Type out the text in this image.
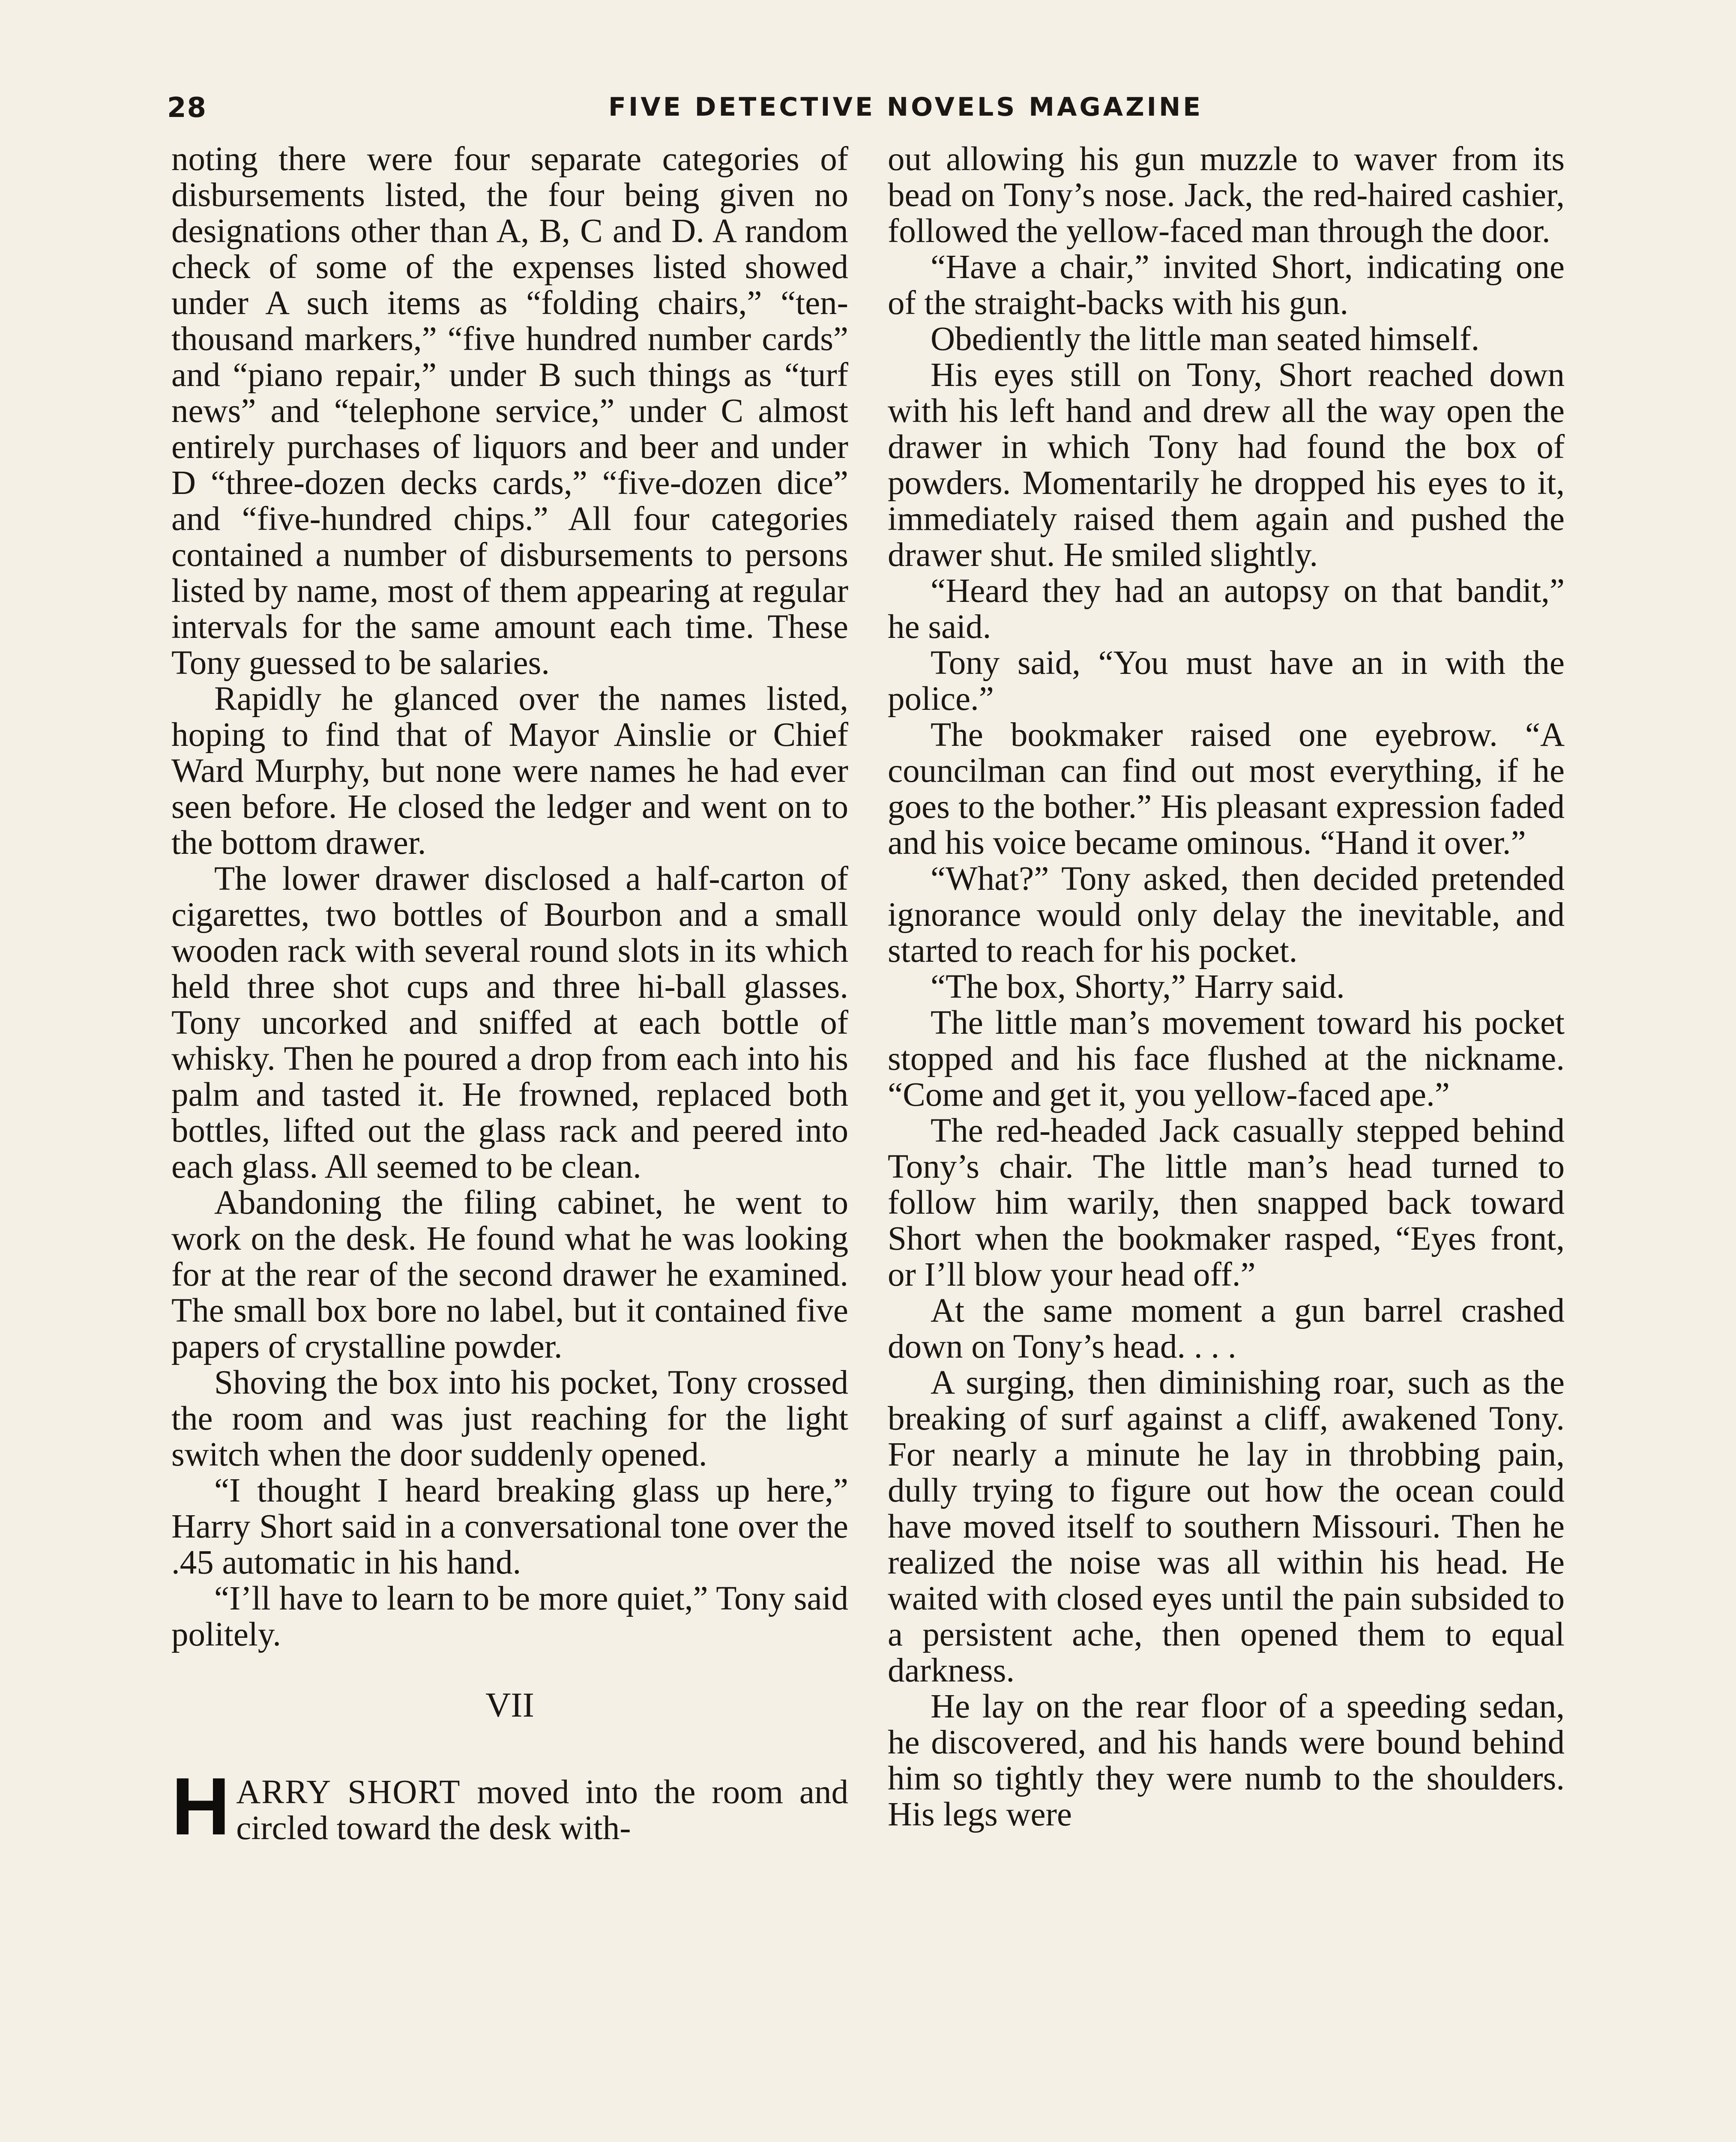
28	FIVE DETECTIVE NOVELS MAGAZINE

noting there were four separate categories of disbursements listed, the four being given no designations other than A, B, C and D. A random check of some of the expenses listed showed under A such items as “folding chairs,” “ten-thousand markers,” “five hundred number cards” and “piano repair,” under B such things as “turf news” and “telephone service,” under C almost entirely purchases of liquors and beer and under D “three-dozen decks cards,” “five-dozen dice” and “five-hundred chips.” All four categories contained a number of disbursements to persons listed by name, most of them appearing at regular intervals for the same amount each time. These Tony guessed to be salaries.

Rapidly he glanced over the names listed, hoping to find that of Mayor Ainslie or Chief Ward Murphy, but none were names he had ever seen before. He closed the ledger and went on to the bottom drawer.

The lower drawer disclosed a half-carton of cigarettes, two bottles of Bourbon and a small wooden rack with several round slots in its which held three shot cups and three hi-ball glasses. Tony uncorked and sniffed at each bottle of whisky. Then he poured a drop from each into his palm and tasted it. He frowned, replaced both bottles, lifted out the glass rack and peered into each glass. All seemed to be clean.

Abandoning the filing cabinet, he went to work on the desk. He found what he was looking for at the rear of the second drawer he examined. The small box bore no label, but it contained five papers of crystalline powder.

Shoving the box into his pocket, Tony crossed the room and was just reaching for the light switch when the door suddenly opened.

“I thought I heard breaking glass up here,” Harry Short said in a conversational tone over the .45 automatic in his hand.

“I’ll have to learn to be more quiet,” Tony said politely.

VII

HARRY SHORT moved into the room and circled toward the desk with-

out allowing his gun muzzle to waver from its bead on Tony’s nose. Jack, the red-haired cashier, followed the yellow-faced man through the door.

“Have a chair,” invited Short, indicating one of the straight-backs with his gun.

Obediently the little man seated himself.

His eyes still on Tony, Short reached down with his left hand and drew all the way open the drawer in which Tony had found the box of powders. Momentarily he dropped his eyes to it, immediately raised them again and pushed the drawer shut. He smiled slightly.

“Heard they had an autopsy on that bandit,” he said.

Tony said, “You must have an in with the police.”

The bookmaker raised one eyebrow. “A councilman can find out most everything, if he goes to the bother.” His pleasant expression faded and his voice became ominous. “Hand it over.”

“What?” Tony asked, then decided pretended ignorance would only delay the inevitable, and started to reach for his pocket.

“The box, Shorty,” Harry said.

The little man’s movement toward his pocket stopped and his face flushed at the nickname. “Come and get it, you yellow-faced ape.”

The red-headed Jack casually stepped behind Tony’s chair. The little man’s head turned to follow him warily, then snapped back toward Short when the bookmaker rasped, “Eyes front, or I’ll blow your head off.”

At the same moment a gun barrel crashed down on Tony’s head. . . .

A surging, then diminishing roar, such as the breaking of surf against a cliff, awakened Tony. For nearly a minute he lay in throbbing pain, dully trying to figure out how the ocean could have moved itself to southern Missouri. Then he realized the noise was all within his head. He waited with closed eyes until the pain subsided to a persistent ache, then opened them to equal darkness.

He lay on the rear floor of a speeding sedan, he discovered, and his hands were bound behind him so tightly they were numb to the shoulders. His legs were
